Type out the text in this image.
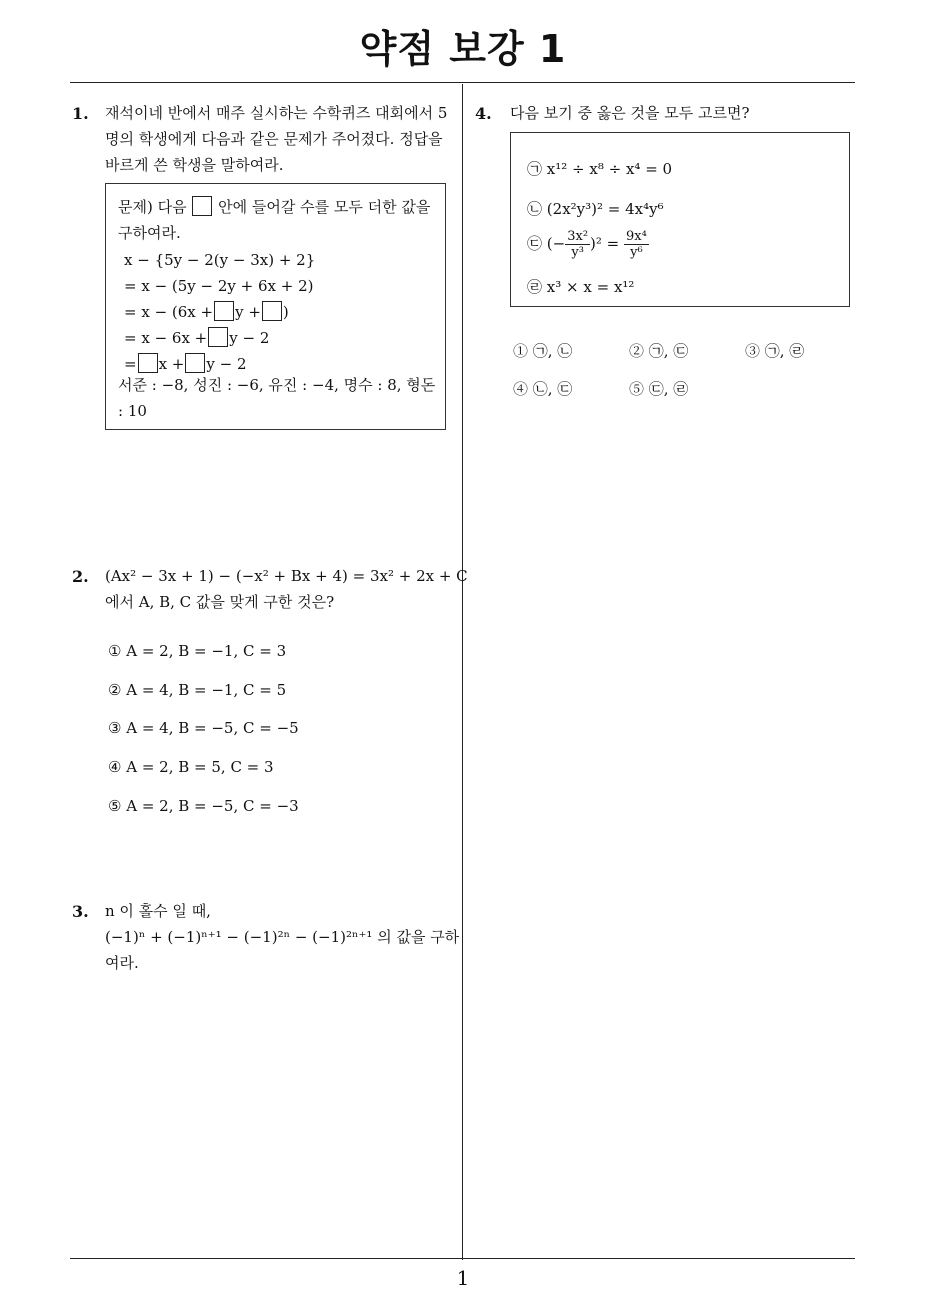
약점 보강 1
1
1. 재석이네 반에서 매주 실시하는 수학퀴즈 대회에서 5명의 학생에게 다음과 같은 문제가 주어졌다. 정답을 바르게 쓴 학생을 말하여라.
문제) 다음 안에 들어갈 수를 모두 더한 값을 구하여라.
x − {5y − 2(y − 3x) + 2}
= x − (5y − 2y + 6x + 2)
= x − (6x + y + )
= x − 6x + y − 2
= x + y − 2
서준 : −8, 성진 : −6, 유진 : −4, 명수 : 8, 형돈 : 10
2. (Ax² − 3x + 1) − (−x² + Bx + 4) = 3x² + 2x + C
에서 A, B, C 값을 맞게 구한 것은?
① A = 2, B = −1, C = 3
② A = 4, B = −1, C = 5
③ A = 4, B = −5, C = −5
④ A = 2, B = 5, C = 3
⑤ A = 2, B = −5, C = −3
3. n 이 홀수 일 때,
(−1)ⁿ + (−1)ⁿ⁺¹ − (−1)²ⁿ − (−1)²ⁿ⁺¹ 의 값을 구하
여라.
4. 다음 보기 중 옳은 것을 모두 고르면?
㉠ x¹² ÷ x⁸ ÷ x⁴ = 0
㉡ (2x²y³)² = 4x⁴y⁶
㉢ (− $\frac{\text{3x²}}{\text{y³}} )^2 = \frac{\text{9x⁴}}{\text{y⁶}}$
㉣ x³ × x = x¹²
① ㉠, ㉡	② ㉠, ㉢	③ ㉠, ㉣
④ ㉡, ㉢	⑤ ㉢, ㉣
